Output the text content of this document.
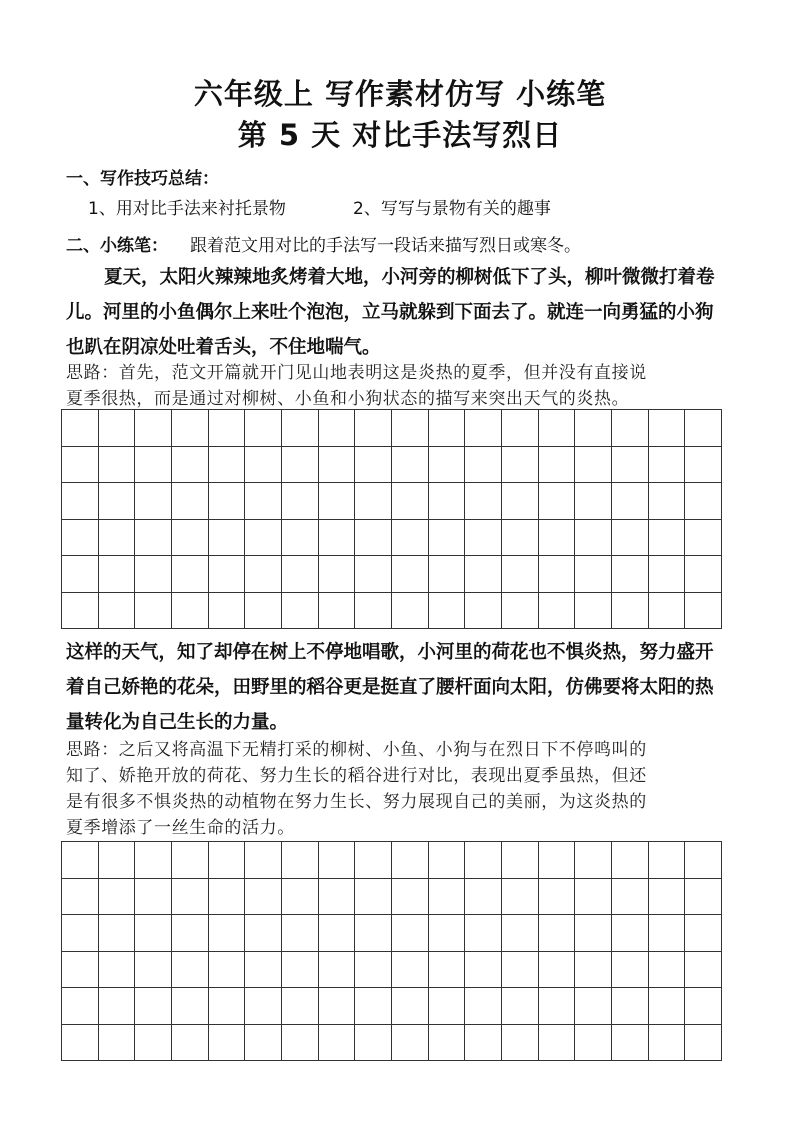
六年级上 写作素材仿写 小练笔
第 5 天 对比手法写烈日
一、写作技巧总结：
1、用对比手法来衬托景物	2、写写与景物有关的趣事
二、小练笔： 跟着范文用对比的手法写一段话来描写烈日或寒冬。

夏天，太阳火辣辣地炙烤着大地，小河旁的柳树低下了头，柳叶微微打着卷

儿。河里的小鱼偶尔上来吐个泡泡，立马就躲到下面去了。就连一向勇猛的小狗

也趴在阴凉处吐着舌头，不住地喘气。

思路：首先，范文开篇就开门见山地表明这是炎热的夏季，但并没有直接说

夏季很热，而是通过对柳树、小鱼和小狗状态的描写来突出天气的炎热。

这样的天气，知了却停在树上不停地唱歌，小河里的荷花也不惧炎热，努力盛开

着自己娇艳的花朵，田野里的稻谷更是挺直了腰杆面向太阳，仿佛要将太阳的热

量转化为自己生长的力量。

思路：之后又将高温下无精打采的柳树、小鱼、小狗与在烈日下不停鸣叫的

知了、娇艳开放的荷花、努力生长的稻谷进行对比，表现出夏季虽热，但还

是有很多不惧炎热的动植物在努力生长、努力展现自己的美丽，为这炎热的

夏季增添了一丝生命的活力。
